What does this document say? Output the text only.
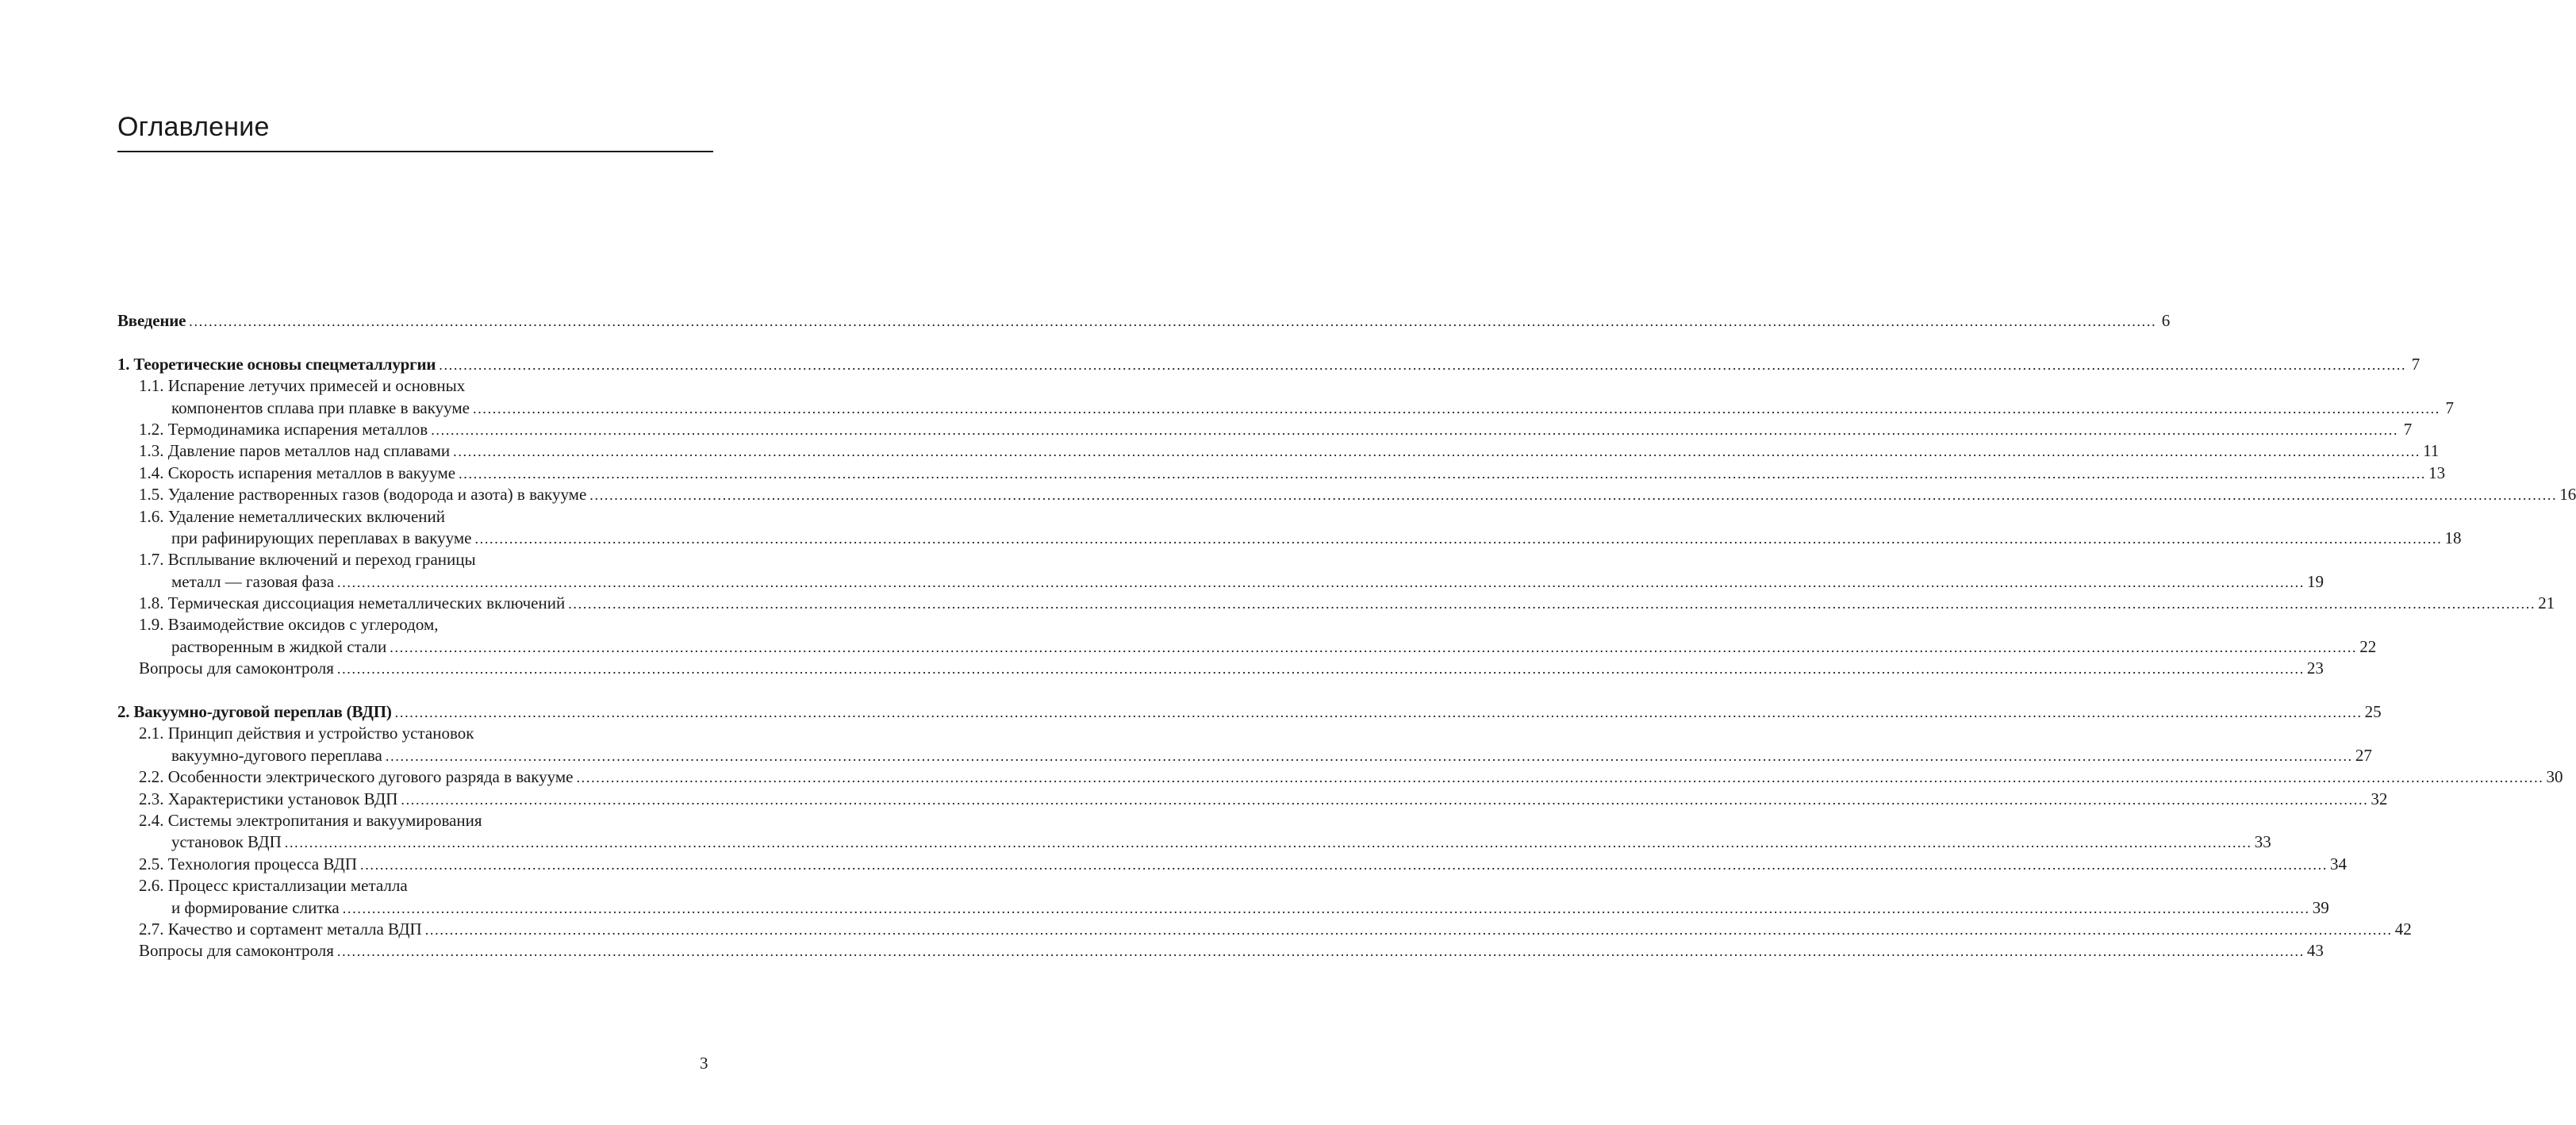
Оглавление
Введение ................................................................................................................................................................................................................................................................................................................................................................................................................ 6
1. Теоретические основы спецметаллургии ................................................................................................................................................................................................................................................................................................................................................................................................................ 7
1.1. Испарение летучих примесей и основных
компонентов сплава при плавке в вакууме ................................................................................................................................................................................................................................................................................................................................................................................................................ 7
1.2. Термодинамика испарения металлов ................................................................................................................................................................................................................................................................................................................................................................................................................ 7
1.3. Давление паров металлов над сплавами ................................................................................................................................................................................................................................................................................................................................................................................................................ 11
1.4. Скорость испарения металлов в вакууме ................................................................................................................................................................................................................................................................................................................................................................................................................ 13
1.5. Удаление растворенных газов (водорода и азота) в вакууме ................................................................................................................................................................................................................................................................................................................................................................................................................ 16
1.6. Удаление неметаллических включений
при рафинирующих переплавах в вакууме ................................................................................................................................................................................................................................................................................................................................................................................................................ 18
1.7. Всплывание включений и переход границы
металл — газовая фаза ................................................................................................................................................................................................................................................................................................................................................................................................................ 19
1.8. Термическая диссоциация неметаллических включений ................................................................................................................................................................................................................................................................................................................................................................................................................ 21
1.9. Взаимодействие оксидов с углеродом,
растворенным в жидкой стали ................................................................................................................................................................................................................................................................................................................................................................................................................ 22
Вопросы для самоконтроля ................................................................................................................................................................................................................................................................................................................................................................................................................ 23
2. Вакуумно-дуговой переплав (ВДП) ................................................................................................................................................................................................................................................................................................................................................................................................................ 25
2.1. Принцип действия и устройство установок
вакуумно-дугового переплава ................................................................................................................................................................................................................................................................................................................................................................................................................ 27
2.2. Особенности электрического дугового разряда в вакууме ................................................................................................................................................................................................................................................................................................................................................................................................................ 30
2.3. Характеристики установок ВДП ................................................................................................................................................................................................................................................................................................................................................................................................................ 32
2.4. Системы электропитания и вакуумирования
установок ВДП ................................................................................................................................................................................................................................................................................................................................................................................................................ 33
2.5. Технология процесса ВДП ................................................................................................................................................................................................................................................................................................................................................................................................................ 34
2.6. Процесс кристаллизации металла
и формирование слитка ................................................................................................................................................................................................................................................................................................................................................................................................................ 39
2.7. Качество и сортамент металла ВДП ................................................................................................................................................................................................................................................................................................................................................................................................................ 42
Вопросы для самоконтроля ................................................................................................................................................................................................................................................................................................................................................................................................................ 43
3
